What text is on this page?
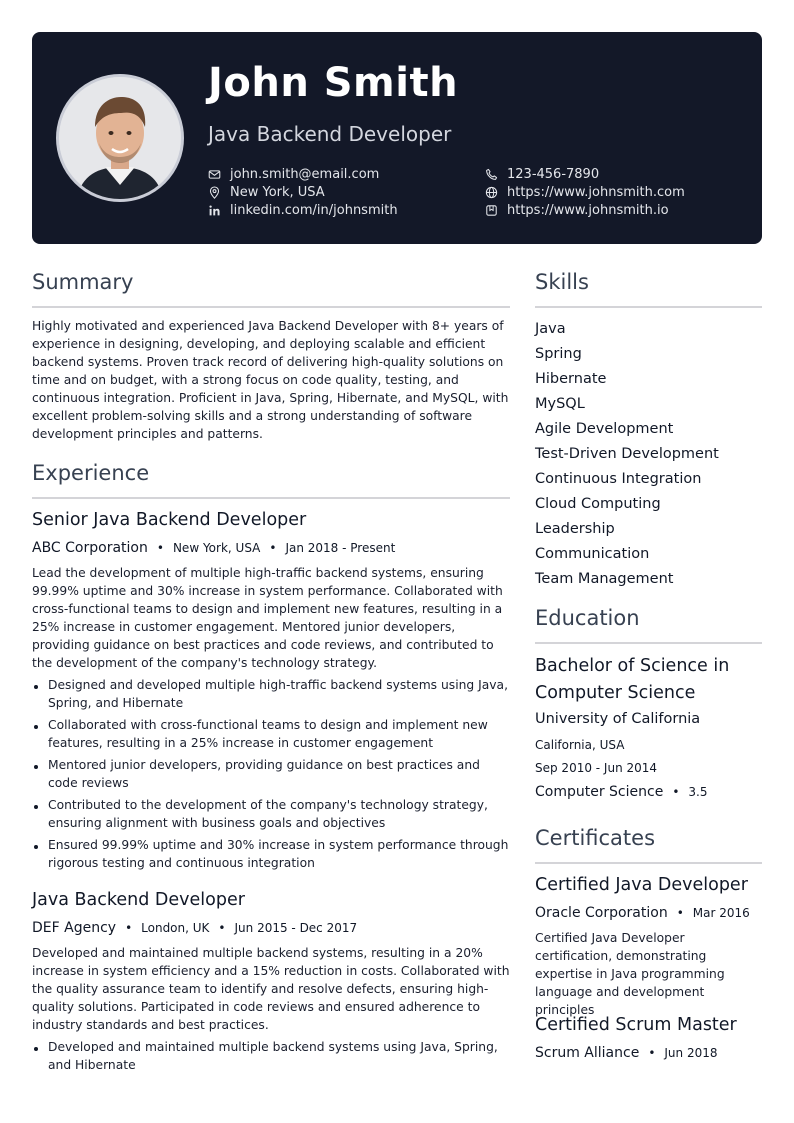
John Smith
Java Backend Developer
john.smith@email.com
New York, USA
linkedin.com/in/johnsmith
123-456-7890
https://www.johnsmith.com
https://www.johnsmith.io
Summary
Highly motivated and experienced Java Backend Developer with 8+ years of experience in designing, developing, and deploying scalable and efficient backend systems. Proven track record of delivering high-quality solutions on time and on budget, with a strong focus on code quality, testing, and continuous integration. Proficient in Java, Spring, Hibernate, and MySQL, with excellent problem-solving skills and a strong understanding of software development principles and patterns.
Experience
Senior Java Backend Developer
ABC Corporation • New York, USA • Jan 2018 - Present
Lead the development of multiple high-traffic backend systems, ensuring 99.99% uptime and 30% increase in system performance. Collaborated with cross-functional teams to design and implement new features, resulting in a 25% increase in customer engagement. Mentored junior developers, providing guidance on best practices and code reviews, and contributed to the development of the company's technology strategy.
Designed and developed multiple high-traffic backend systems using Java, Spring, and Hibernate
Collaborated with cross-functional teams to design and implement new features, resulting in a 25% increase in customer engagement
Mentored junior developers, providing guidance on best practices and code reviews
Contributed to the development of the company's technology strategy, ensuring alignment with business goals and objectives
Ensured 99.99% uptime and 30% increase in system performance through rigorous testing and continuous integration
Java Backend Developer
DEF Agency • London, UK • Jun 2015 - Dec 2017
Developed and maintained multiple backend systems, resulting in a 20% increase in system efficiency and a 15% reduction in costs. Collaborated with the quality assurance team to identify and resolve defects, ensuring high-quality solutions. Participated in code reviews and ensured adherence to industry standards and best practices.
Developed and maintained multiple backend systems using Java, Spring, and Hibernate
Skills
Java
Spring
Hibernate
MySQL
Agile Development
Test-Driven Development
Continuous Integration
Cloud Computing
Leadership
Communication
Team Management
Education
Bachelor of Science in Computer Science
University of California
California, USA
Sep 2010 - Jun 2014
Computer Science • 3.5
Certificates
Certified Java Developer
Oracle Corporation • Mar 2016
Certified Java Developer certification, demonstrating expertise in Java programming language and development principles
Certified Scrum Master
Scrum Alliance • Jun 2018
